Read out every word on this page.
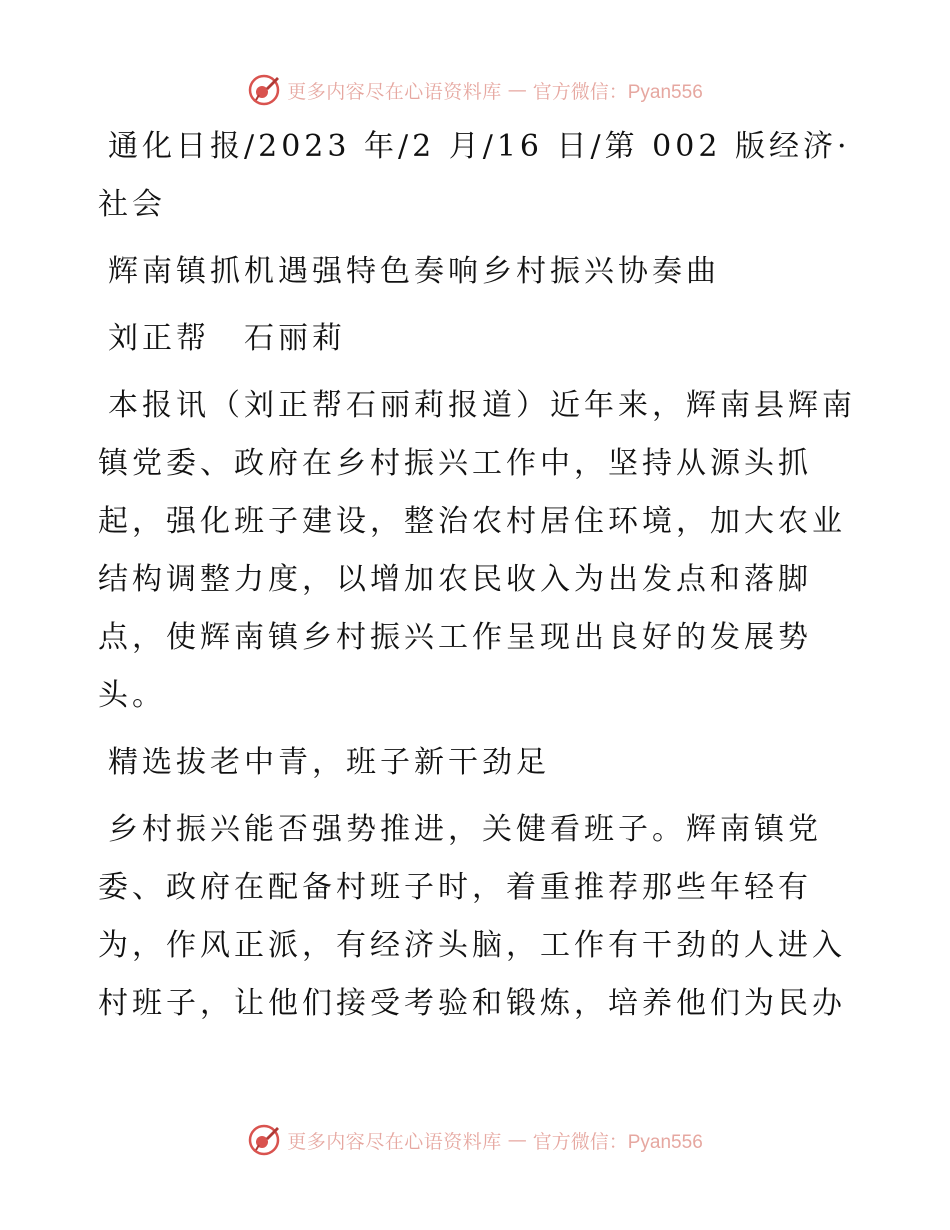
更多内容尽在心语资料库 — 官方微信：Pyan556

通化日报/2023 年/2 月/16 日/第 002 版经济·社会

辉南镇抓机遇强特色奏响乡村振兴协奏曲

刘正帮　石丽莉

本报讯（刘正帮石丽莉报道）近年来，辉南县辉南镇党委、政府在乡村振兴工作中，坚持从源头抓起，强化班子建设，整治农村居住环境，加大农业结构调整力度，以增加农民收入为出发点和落脚点，使辉南镇乡村振兴工作呈现出良好的发展势头。

精选拔老中青，班子新干劲足

乡村振兴能否强势推进，关健看班子。辉南镇党委、政府在配备村班子时，着重推荐那些年轻有为，作风正派，有经济头脑，工作有干劲的人进入村班子，让他们接受考验和锻炼，培养他们为民办

更多内容尽在心语资料库 — 官方微信：Pyan556
